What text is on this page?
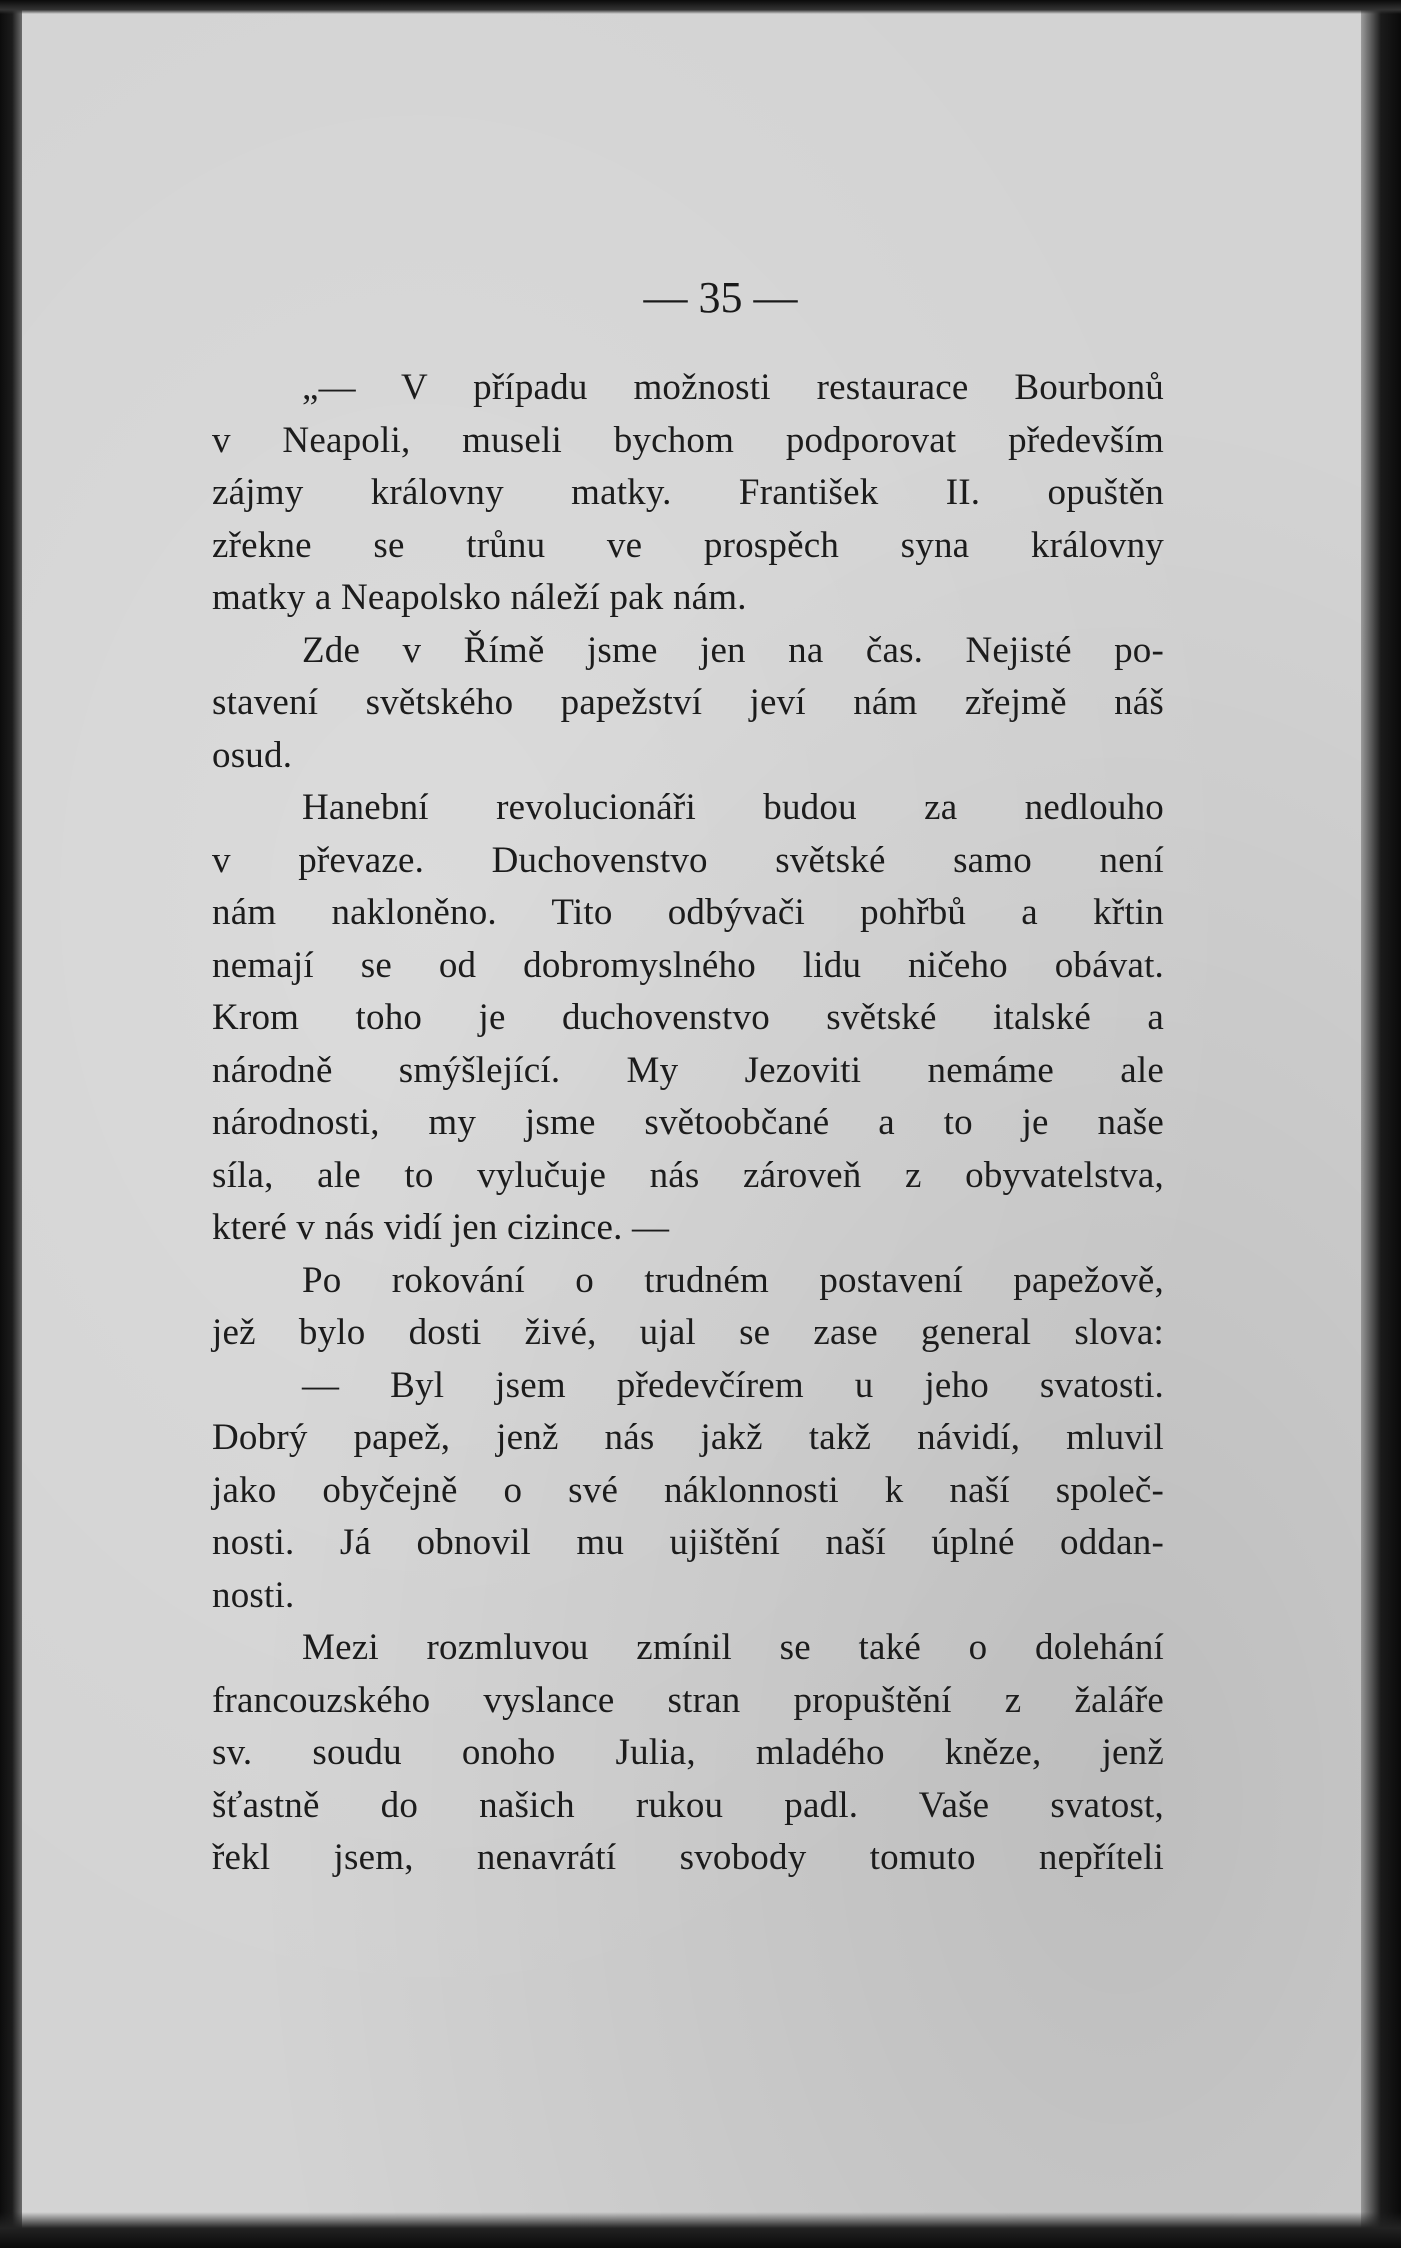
— 35 —
„— V případu možnosti restaurace Bourbonů
v Neapoli, museli bychom podporovat především
zájmy královny matky. František II. opuštěn
zřekne se trůnu ve prospěch syna královny
matky a Neapolsko náleží pak nám.
Zde v Římě jsme jen na čas. Nejisté po-
stavení světského papežství jeví nám zřejmě náš
osud.
Hanební revolucionáři budou za nedlouho
v převaze. Duchovenstvo světské samo není
nám nakloněno. Tito odbývači pohřbů a křtin
nemají se od dobromyslného lidu ničeho obávat.
Krom toho je duchovenstvo světské italské a
národně smýšlející. My Jezoviti nemáme ale
národnosti, my jsme světoobčané a to je naše
síla, ale to vylučuje nás zároveň z obyvatelstva,
které v nás vidí jen cizince. —
Po rokování o trudném postavení papežově,
jež bylo dosti živé, ujal se zase general slova:
— Byl jsem předevčírem u jeho svatosti.
Dobrý papež, jenž nás jakž takž návidí, mluvil
jako obyčejně o své náklonnosti k naší společ-
nosti. Já obnovil mu ujištění naší úplné oddan-
nosti.
Mezi rozmluvou zmínil se také o dolehání
francouzského vyslance stran propuštění z žaláře
sv. soudu onoho Julia, mladého kněze, jenž
šťastně do našich rukou padl. Vaše svatost,
řekl jsem, nenavrátí svobody tomuto nepříteli
